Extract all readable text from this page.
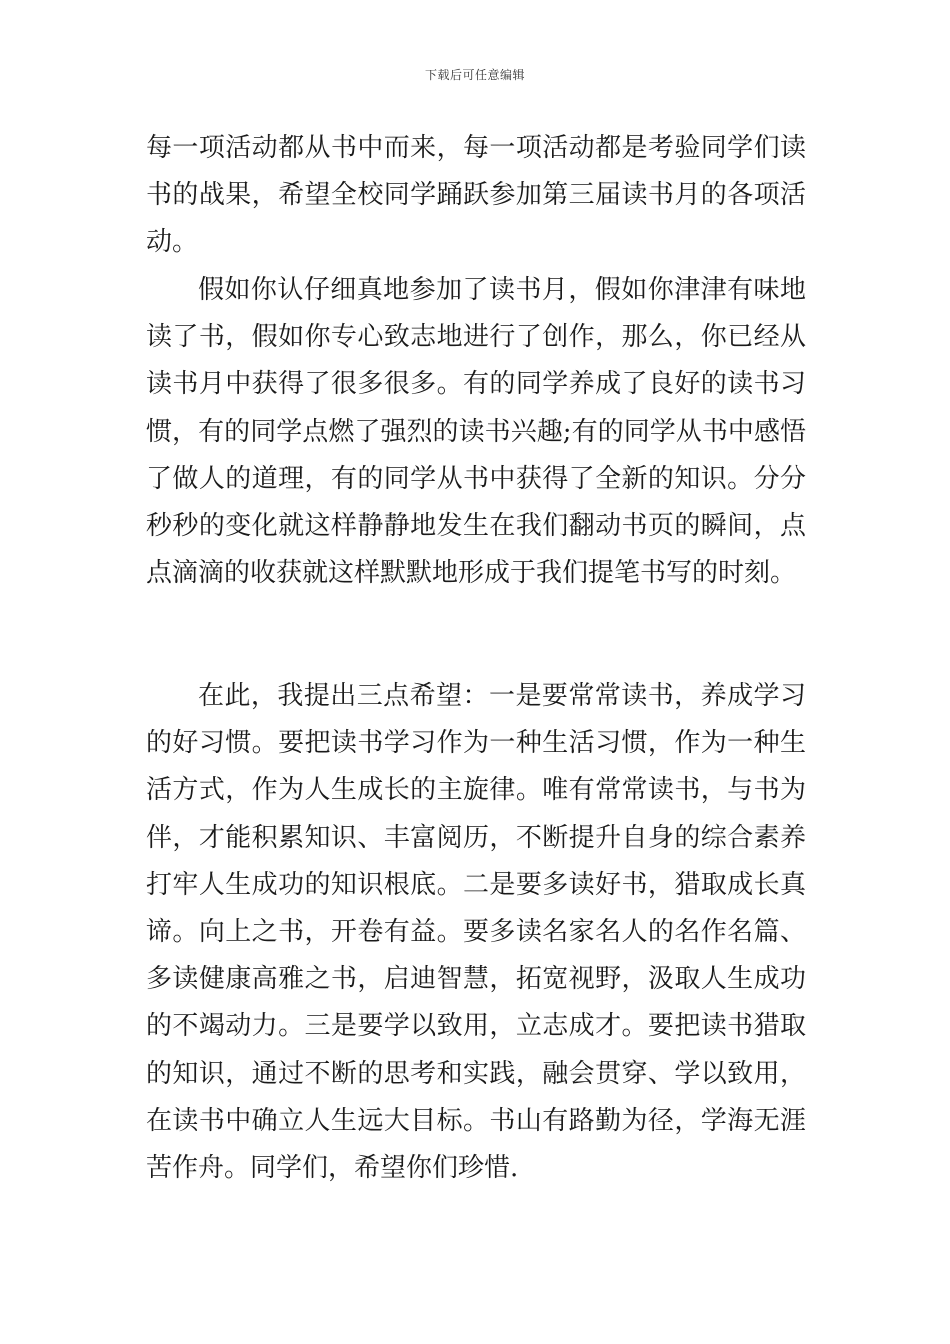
下载后可任意编辑
每一项活动都从书中而来，每一项活动都是考验同学们读
书的战果，希望全校同学踊跃参加第三届读书月的各项活
动。
假如你认仔细真地参加了读书月，假如你津津有味地
读了书，假如你专心致志地进行了创作，那么，你已经从
读书月中获得了很多很多。有的同学养成了良好的读书习
惯，有的同学点燃了强烈的读书兴趣;有的同学从书中感悟
了做人的道理，有的同学从书中获得了全新的知识。分分
秒秒的变化就这样静静地发生在我们翻动书页的瞬间，点
点滴滴的收获就这样默默地形成于我们提笔书写的时刻。
在此，我提出三点希望：一是要常常读书，养成学习
的好习惯。要把读书学习作为一种生活习惯，作为一种生
活方式，作为人生成长的主旋律。唯有常常读书，与书为
伴，才能积累知识、丰富阅历，不断提升自身的综合素养
打牢人生成功的知识根底。二是要多读好书，猎取成长真
谛。向上之书，开卷有益。要多读名家名人的名作名篇、
多读健康高雅之书，启迪智慧，拓宽视野，汲取人生成功
的不竭动力。三是要学以致用，立志成才。要把读书猎取
的知识，通过不断的思考和实践，融会贯穿、学以致用，
在读书中确立人生远大目标。书山有路勤为径，学海无涯
苦作舟。同学们，希望你们珍惜.
